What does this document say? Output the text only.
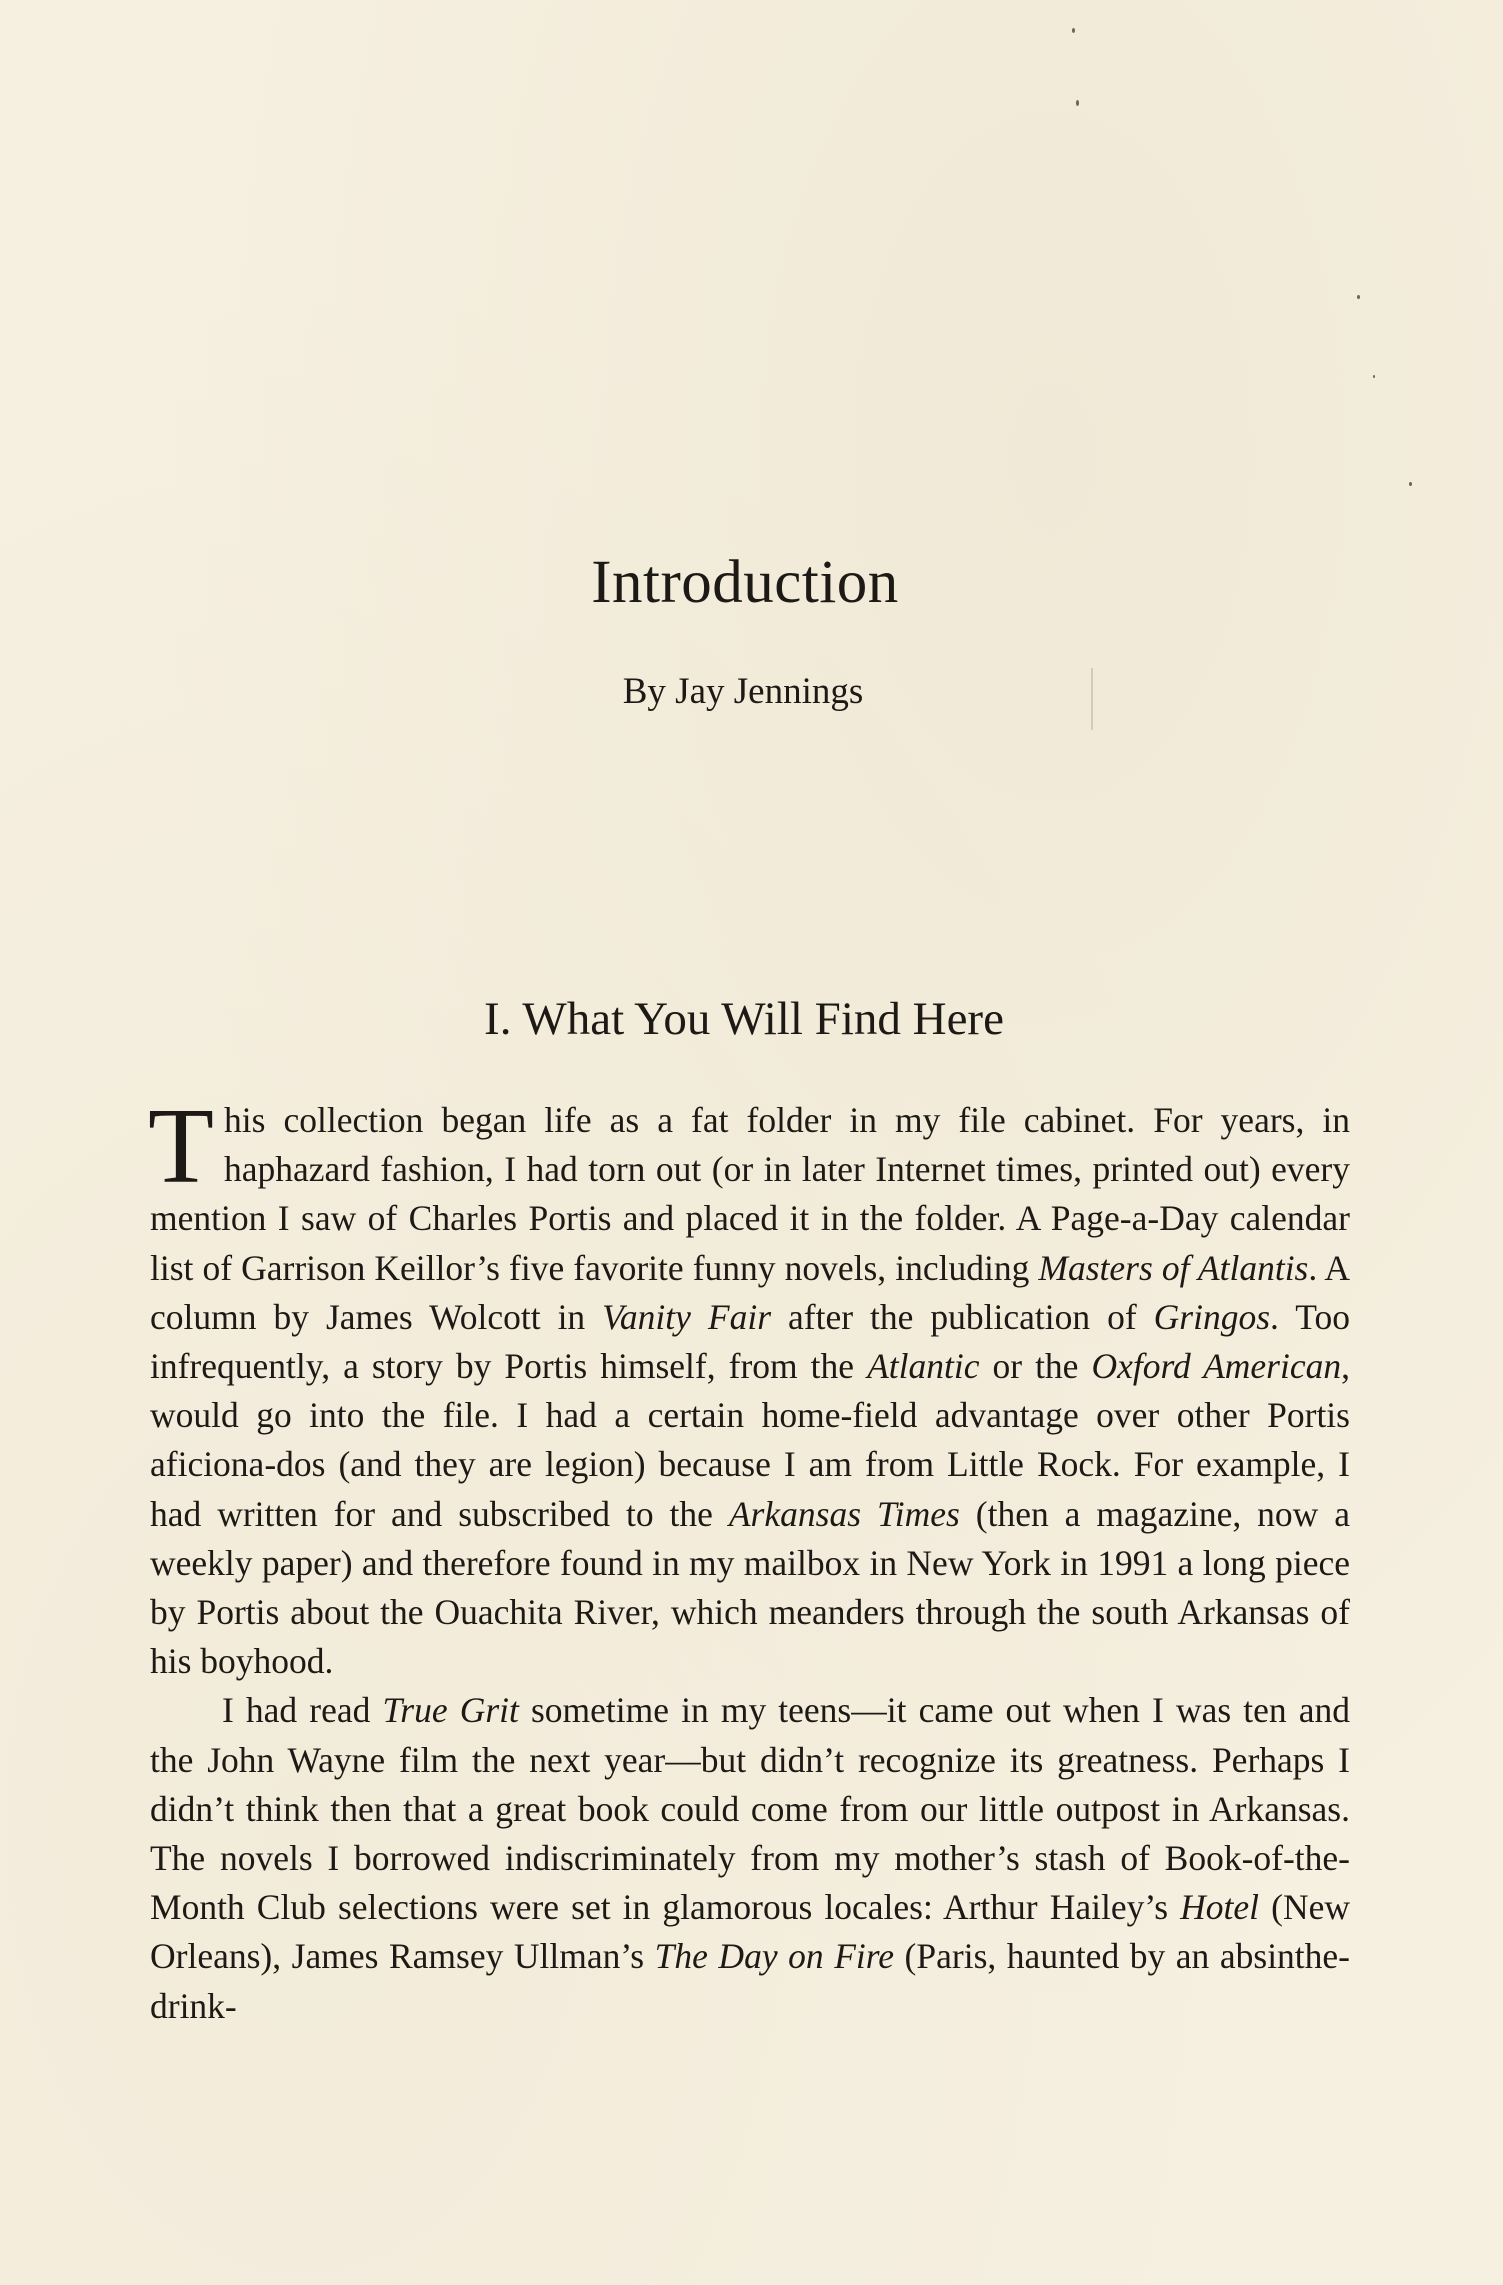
Introduction
By Jay Jennings
I. What You Will Find Here

T his collection began life as a fat folder in my file cabinet. For years, in haphazard fashion, I had torn out (or in later Internet times, printed out) every mention I saw of Charles Portis and placed it in the folder. A Page-a-Day calendar list of Garrison Keillor’s five favorite funny novels, including Masters of Atlantis. A column by James Wolcott in Vanity Fair after the publication of Gringos. Too infrequently, a story by Portis himself, from the Atlantic or the Oxford American, would go into the file. I had a certain home-field advantage over other Portis aficiona-dos (and they are legion) because I am from Little Rock. For example, I had written for and subscribed to the Arkansas Times (then a magazine, now a weekly paper) and therefore found in my mailbox in New York in 1991 a long piece by Portis about the Ouachita River, which meanders through the south Arkansas of his boyhood.

I had read True Grit sometime in my teens—it came out when I was ten and the John Wayne film the next year—but didn’t recognize its greatness. Perhaps I didn’t think then that a great book could come from our little outpost in Arkansas. The novels I borrowed indiscriminately from my mother’s stash of Book-of-the-Month Club selections were set in glamorous locales: Arthur Hailey’s Hotel (New Orleans), James Ramsey Ullman’s The Day on Fire (Paris, haunted by an absinthe-drink-
